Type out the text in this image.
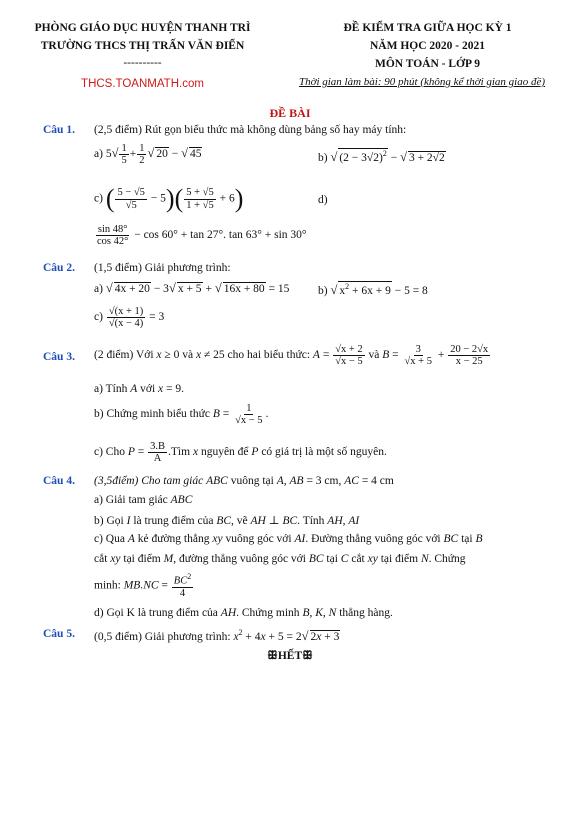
PHÒNG GIÁO DỤC HUYỆN THANH TRÌ
TRƯỜNG THCS THỊ TRẤN VĂN ĐIỂN
----------
THCS.TOANMATH.com
ĐỀ KIỂM TRA GIỮA HỌC KỲ 1
NĂM HỌC 2020 - 2021
MÔN TOÁN - LỚP 9
Thời gian làm bài: 90 phút (không kể thời gian giao đề)
ĐỀ BÀI
Câu 1. (2,5 điểm) Rút gọn biểu thức mà không dùng bảng số hay máy tính:
a) $5√ \frac{1}{5} + \frac{1}{2}$ √ 20 − √ 45	b) √ $(2 - 3√2)^2$ − √ 3 + 2√2
c) ( $\frac{5 - √5}{√5} - 5)( \frac{5 + √5}{1 + √5} + 6)$	d)
$\frac{\sin 48^\circ}{\cos 42^\circ} - \cos 60^\circ + \tan 27^\circ$. tan 63° + sin 30°
Câu 2. (1,5 điểm) Giải phương trình:
a) √ 4x + 20 − 3√ x + 5 + √ 16x + 80 = 15 b) √ $x^2 + 6x + 9 - 5 = 8$
$c) \frac{√(x + 1)}{√(x - 4)} = 3$
Câu 3. (2 điểm) Với x ≥ 0 và x ≠ 25 cho hai biểu thức: $A = \frac{√x + 2}{√x - 5}$ và $B = \frac{3}{√x + 5} + \frac{20 - 2√x}{x - 25}$
a) Tính A với x = 9.
b) Chứng minh biểu thức $B = \frac{1}{√x - 5}$ .
c) Cho $P = \frac{3.B}{A}$ .Tìm x nguyên để P có giá trị là một số nguyên.
Câu 4. (3,5điểm) Cho tam giác ABC vuông tại A, AB = 3 cm, AC = 4 cm
a) Giải tam giác ABC
b) Gọi I là trung điểm của BC, vẽ AH ⊥ BC. Tính AH, AI
c) Qua A kẻ đường thẳng xy vuông góc với AI. Đường thẳng vuông góc với BC tại B
cắt xy tại điểm M, đường thẳng vuông góc với BC tại C cắt xy tại điểm N. Chứng
minh: $MB.NC = \frac{BC^2}{4}$
d) Gọi K là trung điểm của AH. Chứng minh B, K, N thẳng hàng.
Câu 5. (0,5 điểm) Giải phương trình: $x^2 + 4x + 5 = 2√$ 2x + 3
ꕥHẾTꕥ
